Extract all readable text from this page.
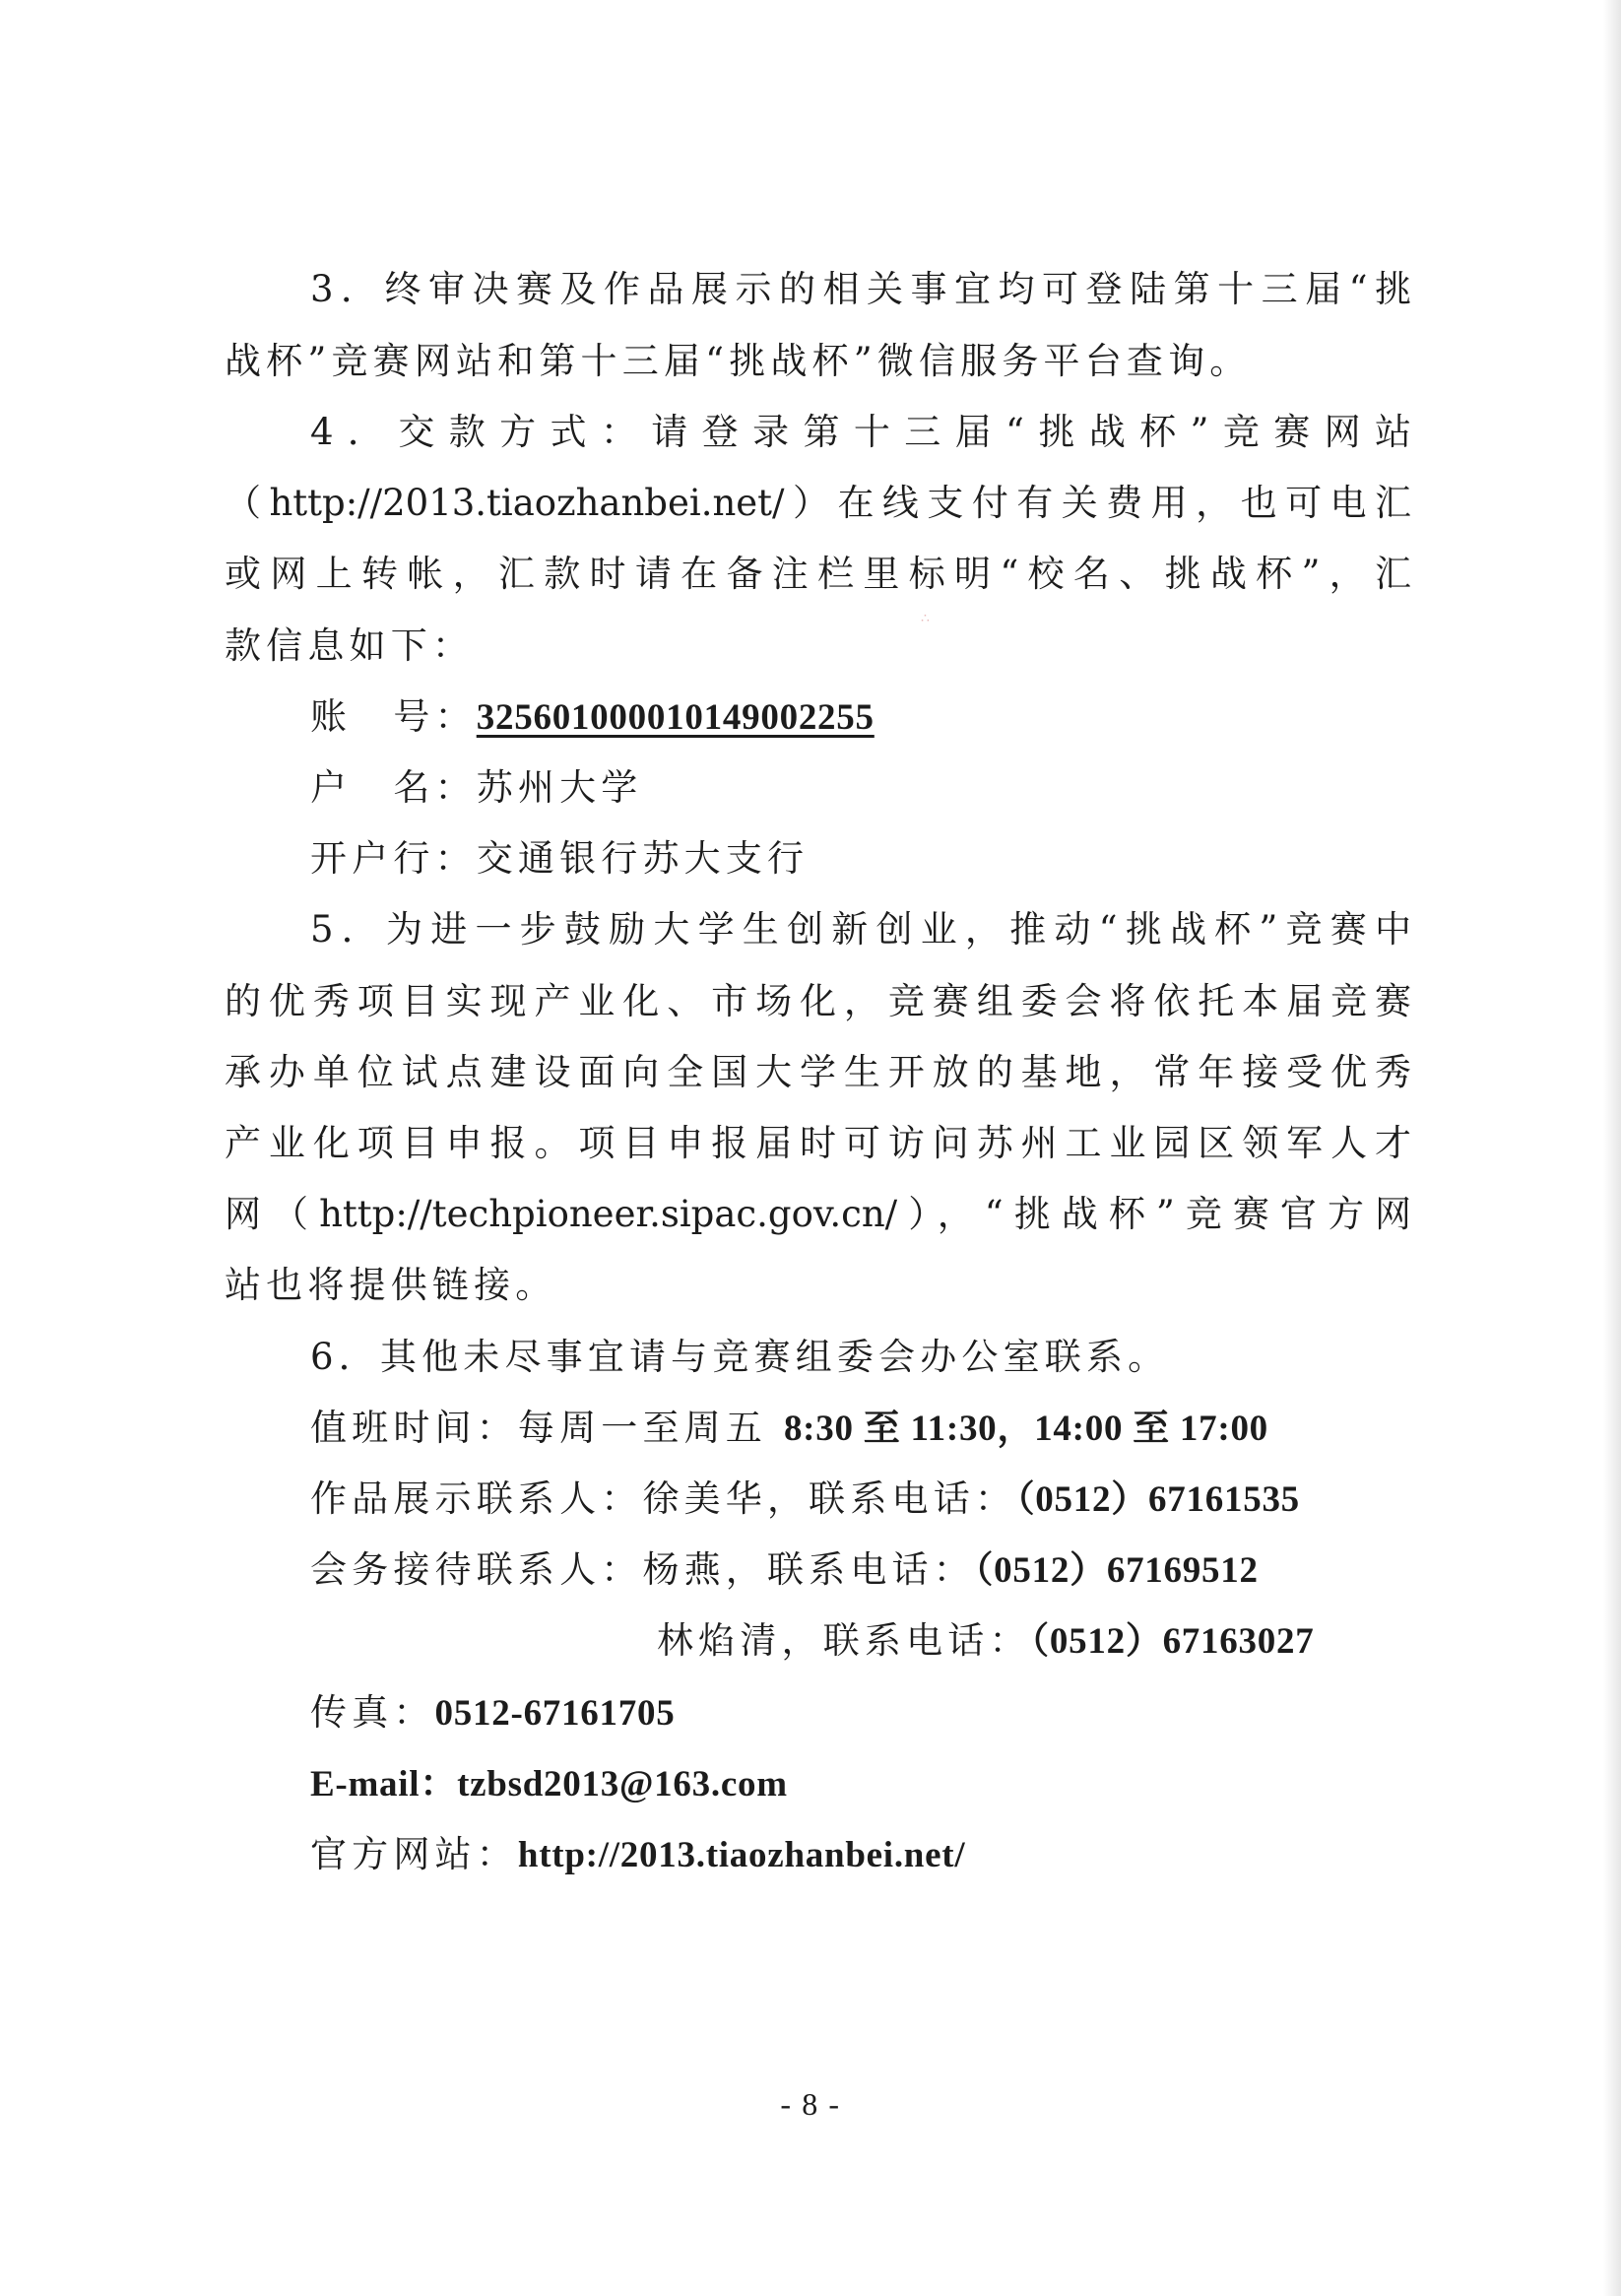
∴
3．终审决赛及作品展示的相关事宜均可登陆第十三届“挑
战杯”竞赛网站和第十三届“挑战杯”微信服务平台查询。
4．交款方式：请登录第十三届“挑战杯”竞赛网站
（http://2013.tiaozhanbei.net/）在线支付有关费用，也可电汇
或网上转帐，汇款时请在备注栏里标明“校名、挑战杯”，汇
款信息如下：
账　号：325601000010149002255
户　名：苏州大学
开户行：交通银行苏大支行
5．为进一步鼓励大学生创新创业，推动“挑战杯”竞赛中
的优秀项目实现产业化、市场化，竞赛组委会将依托本届竞赛
承办单位试点建设面向全国大学生开放的基地，常年接受优秀
产业化项目申报。项目申报届时可访问苏州工业园区领军人才
网（http://techpioneer.sipac.gov.cn/），“挑战杯”竞赛官方网
站也将提供链接。
6．其他未尽事宜请与竞赛组委会办公室联系。
值班时间：每周一至周五 8:30 至 11:30，14:00 至 17:00
作品展示联系人：徐美华，联系电话：（0512）67161535
会务接待联系人：杨燕，联系电话：（0512）67169512
林焰清，联系电话：（0512）67163027
传真：0512-67161705
E-mail：tzbsd2013@163.com
官方网站：http://2013.tiaozhanbei.net/
- 8 -
